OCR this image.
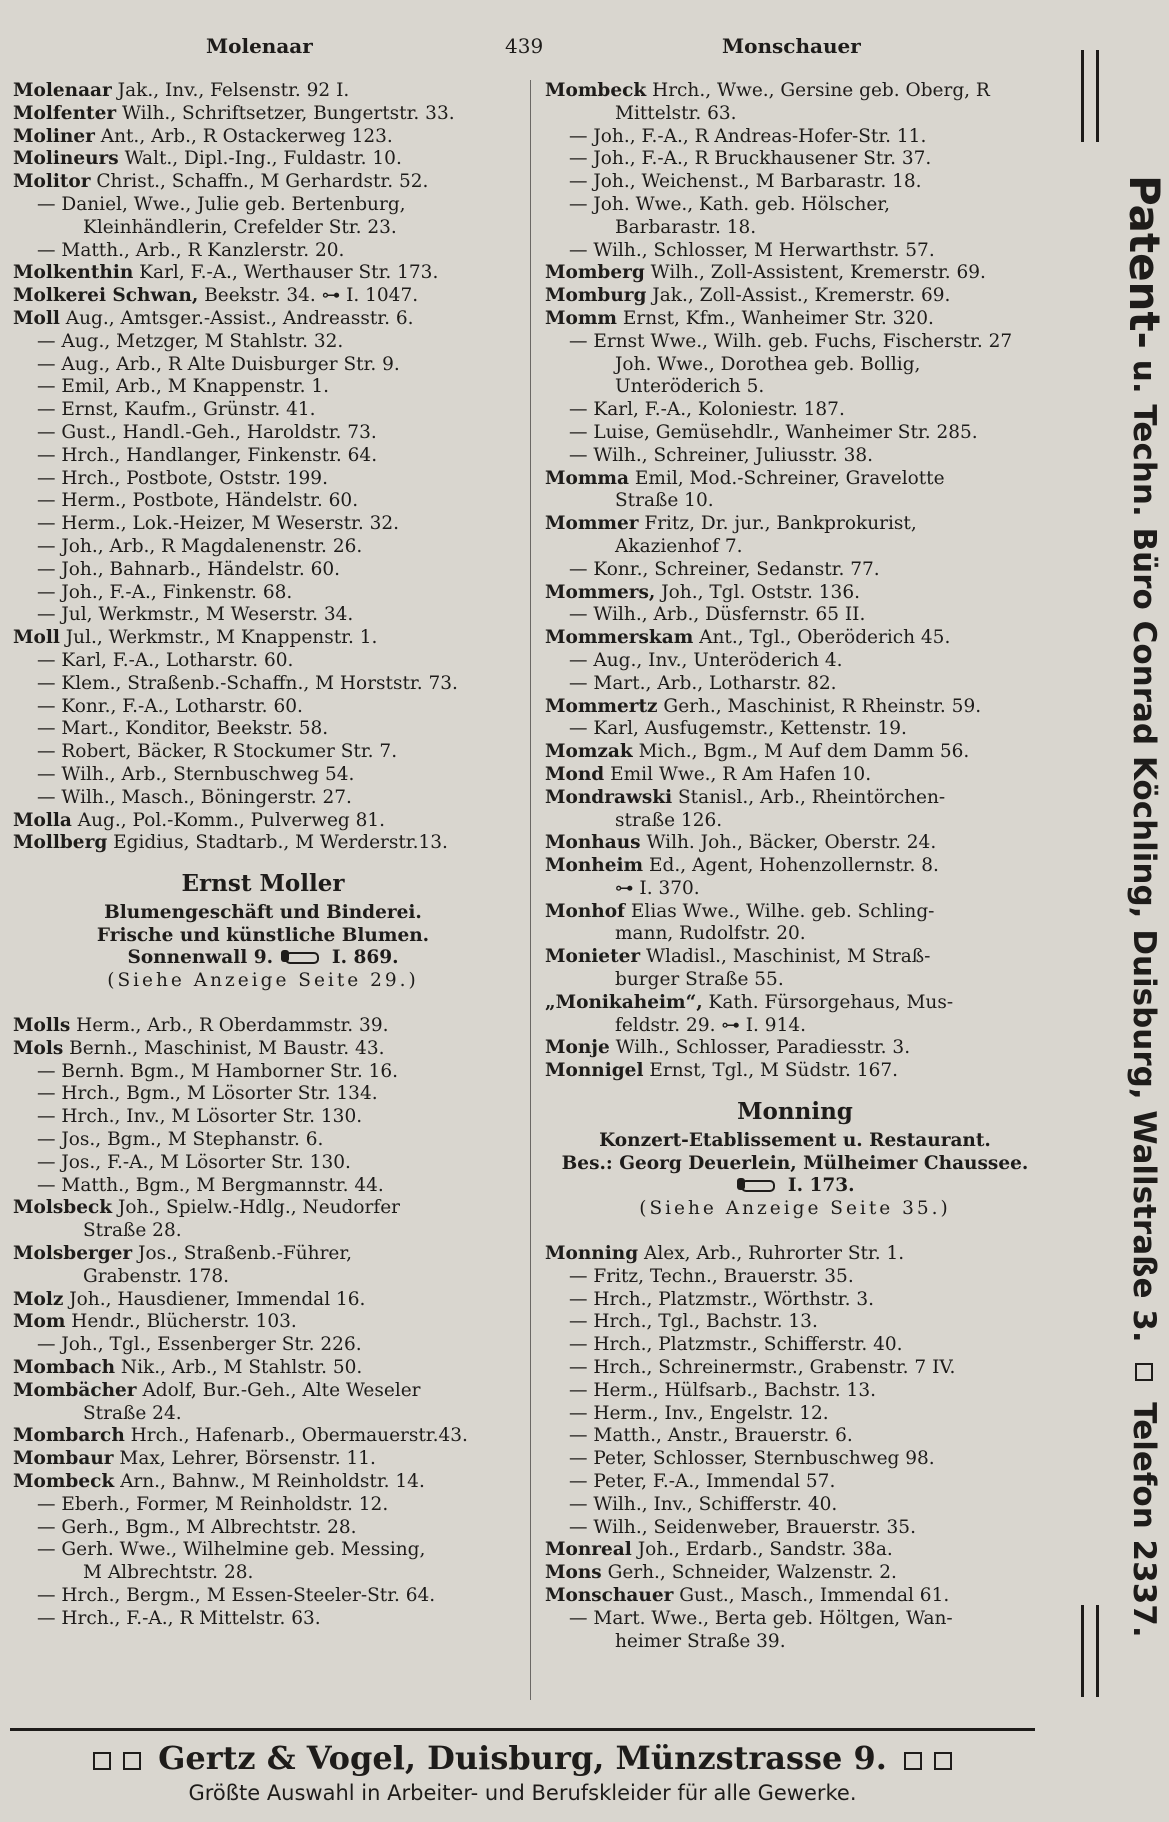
Molenaar	439	Monschauer
Molenaar Jak., Inv., Felsenstr. 92 I.
Molfenter Wilh., Schriftsetzer, Bungertstr. 33.
Moliner Ant., Arb., R Ostackerweg 123.
Molineurs Walt., Dipl.-Ing., Fuldastr. 10.
Molitor Christ., Schaffn., M Gerhardstr. 52.
— Daniel, Wwe., Julie geb. Bertenburg,
Kleinhändlerin, Crefelder Str. 23.
— Matth., Arb., R Kanzlerstr. 20.
Molkenthin Karl, F.-A., Werthauser Str. 173.
Molkerei Schwan, Beekstr. 34. ⊶ I. 1047.
Moll Aug., Amtsger.-Assist., Andreasstr. 6.
— Aug., Metzger, M Stahlstr. 32.
— Aug., Arb., R Alte Duisburger Str. 9.
— Emil, Arb., M Knappenstr. 1.
— Ernst, Kaufm., Grünstr. 41.
— Gust., Handl.-Geh., Haroldstr. 73.
— Hrch., Handlanger, Finkenstr. 64.
— Hrch., Postbote, Oststr. 199.
— Herm., Postbote, Händelstr. 60.
— Herm., Lok.-Heizer, M Weserstr. 32.
— Joh., Arb., R Magdalenenstr. 26.
— Joh., Bahnarb., Händelstr. 60.
— Joh., F.-A., Finkenstr. 68.
— Jul, Werkmstr., M Weserstr. 34.
Moll Jul., Werkmstr., M Knappenstr. 1.
— Karl, F.-A., Lotharstr. 60.
— Klem., Straßenb.-Schaffn., M Horststr. 73.
— Konr., F.-A., Lotharstr. 60.
— Mart., Konditor, Beekstr. 58.
— Robert, Bäcker, R Stockumer Str. 7.
— Wilh., Arb., Sternbuschweg 54.
— Wilh., Masch., Böningerstr. 27.
Molla Aug., Pol.-Komm., Pulverweg 81.
Mollberg Egidius, Stadtarb., M Werderstr.13.
Ernst Moller
Blumengeschäft und Binderei.
Frische und künstliche Blumen.
Sonnenwall 9.	I. 869.
(Siehe Anzeige Seite 29.)
Molls Herm., Arb., R Oberdammstr. 39.
Mols Bernh., Maschinist, M Baustr. 43.
— Bernh. Bgm., M Hamborner Str. 16.
— Hrch., Bgm., M Lösorter Str. 134.
— Hrch., Inv., M Lösorter Str. 130.
— Jos., Bgm., M Stephanstr. 6.
— Jos., F.-A., M Lösorter Str. 130.
— Matth., Bgm., M Bergmannstr. 44.
Molsbeck Joh., Spielw.-Hdlg., Neudorfer
Straße 28.
Molsberger Jos., Straßenb.-Führer,
Grabenstr. 178.
Molz Joh., Hausdiener, Immendal 16.
Mom Hendr., Blücherstr. 103.
— Joh., Tgl., Essenberger Str. 226.
Mombach Nik., Arb., M Stahlstr. 50.
Mombächer Adolf, Bur.-Geh., Alte Weseler
Straße 24.
Mombarch Hrch., Hafenarb., Obermauerstr.43.
Mombaur Max, Lehrer, Börsenstr. 11.
Mombeck Arn., Bahnw., M Reinholdstr. 14.
— Eberh., Former, M Reinholdstr. 12.
— Gerh., Bgm., M Albrechtstr. 28.
— Gerh. Wwe., Wilhelmine geb. Messing,
M Albrechtstr. 28.
— Hrch., Bergm., M Essen-Steeler-Str. 64.
— Hrch., F.-A., R Mittelstr. 63.
Mombeck Hrch., Wwe., Gersine geb. Oberg, R
Mittelstr. 63.
— Joh., F.-A., R Andreas-Hofer-Str. 11.
— Joh., F.-A., R Bruckhausener Str. 37.
— Joh., Weichenst., M Barbarastr. 18.
— Joh. Wwe., Kath. geb. Hölscher,
Barbarastr. 18.
— Wilh., Schlosser, M Herwarthstr. 57.
Momberg Wilh., Zoll-Assistent, Kremerstr. 69.
Momburg Jak., Zoll-Assist., Kremerstr. 69.
Momm Ernst, Kfm., Wanheimer Str. 320.
— Ernst Wwe., Wilh. geb. Fuchs, Fischerstr. 27
Joh. Wwe., Dorothea geb. Bollig,
Unteröderich 5.
— Karl, F.-A., Koloniestr. 187.
— Luise, Gemüsehdlr., Wanheimer Str. 285.
— Wilh., Schreiner, Juliusstr. 38.
Momma Emil, Mod.-Schreiner, Gravelotte
Straße 10.
Mommer Fritz, Dr. jur., Bankprokurist,
Akazienhof 7.
— Konr., Schreiner, Sedanstr. 77.
Mommers, Joh., Tgl. Oststr. 136.
— Wilh., Arb., Düsfernstr. 65 II.
Mommerskam Ant., Tgl., Oberöderich 45.
— Aug., Inv., Unteröderich 4.
— Mart., Arb., Lotharstr. 82.
Mommertz Gerh., Maschinist, R Rheinstr. 59.
— Karl, Ausfugemstr., Kettenstr. 19.
Momzak Mich., Bgm., M Auf dem Damm 56.
Mond Emil Wwe., R Am Hafen 10.
Mondrawski Stanisl., Arb., Rheintörchen-
straße 126.
Monhaus Wilh. Joh., Bäcker, Oberstr. 24.
Monheim Ed., Agent, Hohenzollernstr. 8.
⊶ I. 370.
Monhof Elias Wwe., Wilhe. geb. Schling-
mann, Rudolfstr. 20.
Monieter Wladisl., Maschinist, M Straß-
burger Straße 55.
„Monikaheim“, Kath. Fürsorgehaus, Mus-
feldstr. 29. ⊶ I. 914.
Monje Wilh., Schlosser, Paradiesstr. 3.
Monnigel Ernst, Tgl., M Südstr. 167.
Monning
Konzert-Etablissement u. Restaurant.
Bes.: Georg Deuerlein, Mülheimer Chaussee.
I. 173.
(Siehe Anzeige Seite 35.)
Monning Alex, Arb., Ruhrorter Str. 1.
— Fritz, Techn., Brauerstr. 35.
— Hrch., Platzmstr., Wörthstr. 3.
— Hrch., Tgl., Bachstr. 13.
— Hrch., Platzmstr., Schifferstr. 40.
— Hrch., Schreinermstr., Grabenstr. 7 IV.
— Herm., Hülfsarb., Bachstr. 13.
— Herm., Inv., Engelstr. 12.
— Matth., Anstr., Brauerstr. 6.
— Peter, Schlosser, Sternbuschweg 98.
— Peter, F.-A., Immendal 57.
— Wilh., Inv., Schifferstr. 40.
— Wilh., Seidenweber, Brauerstr. 35.
Monreal Joh., Erdarb., Sandstr. 38a.
Mons Gerh., Schneider, Walzenstr. 2.
Monschauer Gust., Masch., Immendal 61.
— Mart. Wwe., Berta geb. Höltgen, Wan-
heimer Straße 39.
Patent- u. Techn. Büro Conrad Köchling, Duisburg, Wallstraße 3.  Telefon 2337.
Gertz & Vogel, Duisburg, Münzstrasse 9.
Größte Auswahl in Arbeiter- und Berufskleider für alle Gewerke.
